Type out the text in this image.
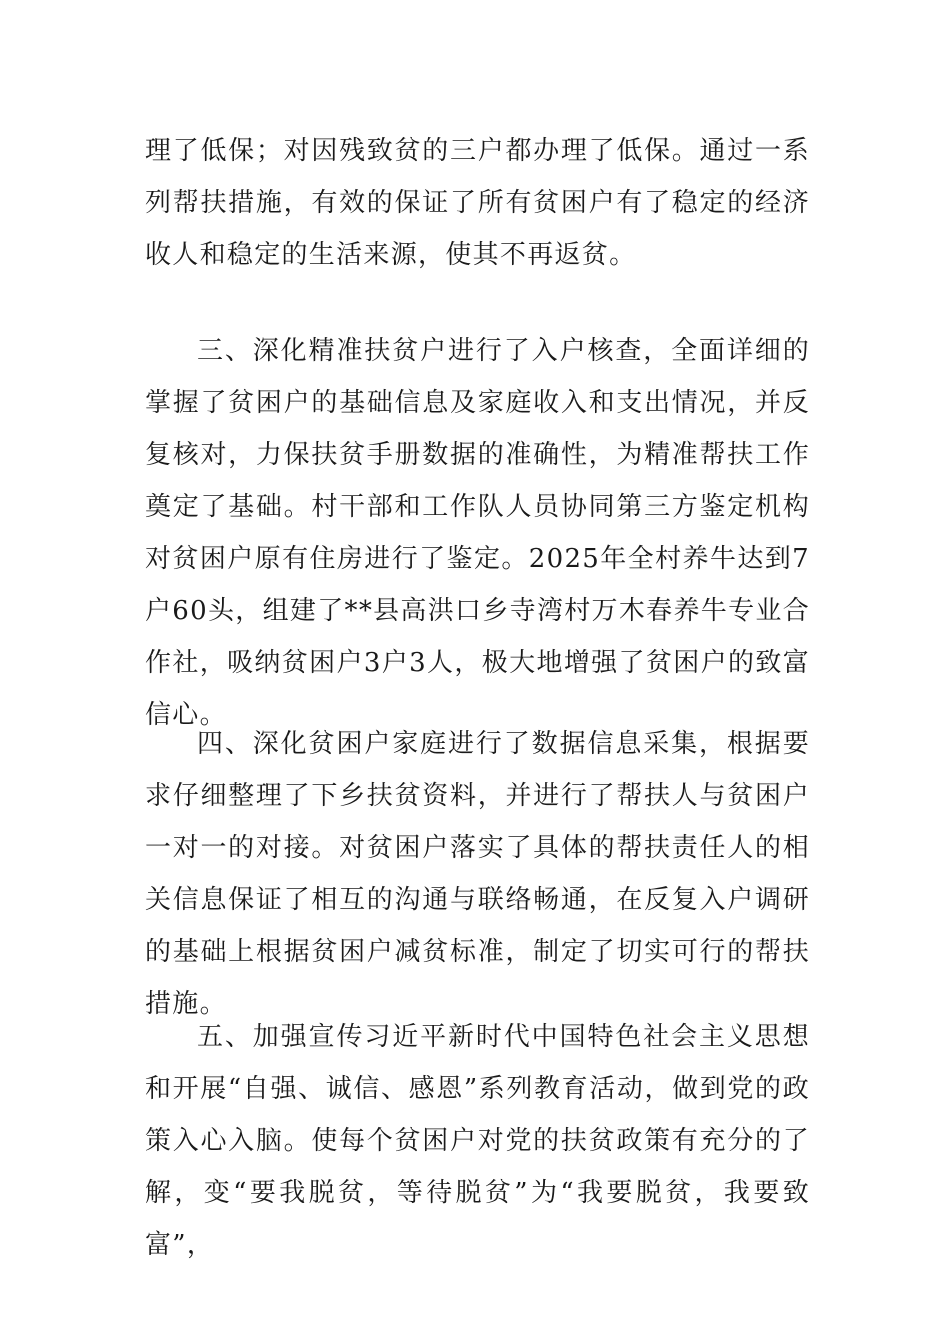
理了低保；对因残致贫的三户都办理了低保。通过一系列帮扶措施，有效的保证了所有贫困户有了稳定的经济收人和稳定的生活来源，使其不再返贫。

三、深化精准扶贫户进行了入户核查，全面详细的掌握了贫困户的基础信息及家庭收入和支出情况，并反复核对，力保扶贫手册数据的准确性，为精准帮扶工作奠定了基础。村干部和工作队人员协同第三方鉴定机构对贫困户原有住房进行了鉴定。2025年全村养牛达到7户60头，组建了**县高洪口乡寺湾村万木春养牛专业合作社，吸纳贫困户3户3人，极大地增强了贫困户的致富信心。

四、深化贫困户家庭进行了数据信息采集，根据要求仔细整理了下乡扶贫资料，并进行了帮扶人与贫困户一对一的对接。对贫困户落实了具体的帮扶责任人的相关信息保证了相互的沟通与联络畅通，在反复入户调研的基础上根据贫困户减贫标准，制定了切实可行的帮扶措施。

五、加强宣传习近平新时代中国特色社会主义思想和开展“自强、诚信、感恩”系列教育活动，做到党的政策入心入脑。使每个贫困户对党的扶贫政策有充分的了解，变“要我脱贫，等待脱贫”为“我要脱贫，我要致富”，
